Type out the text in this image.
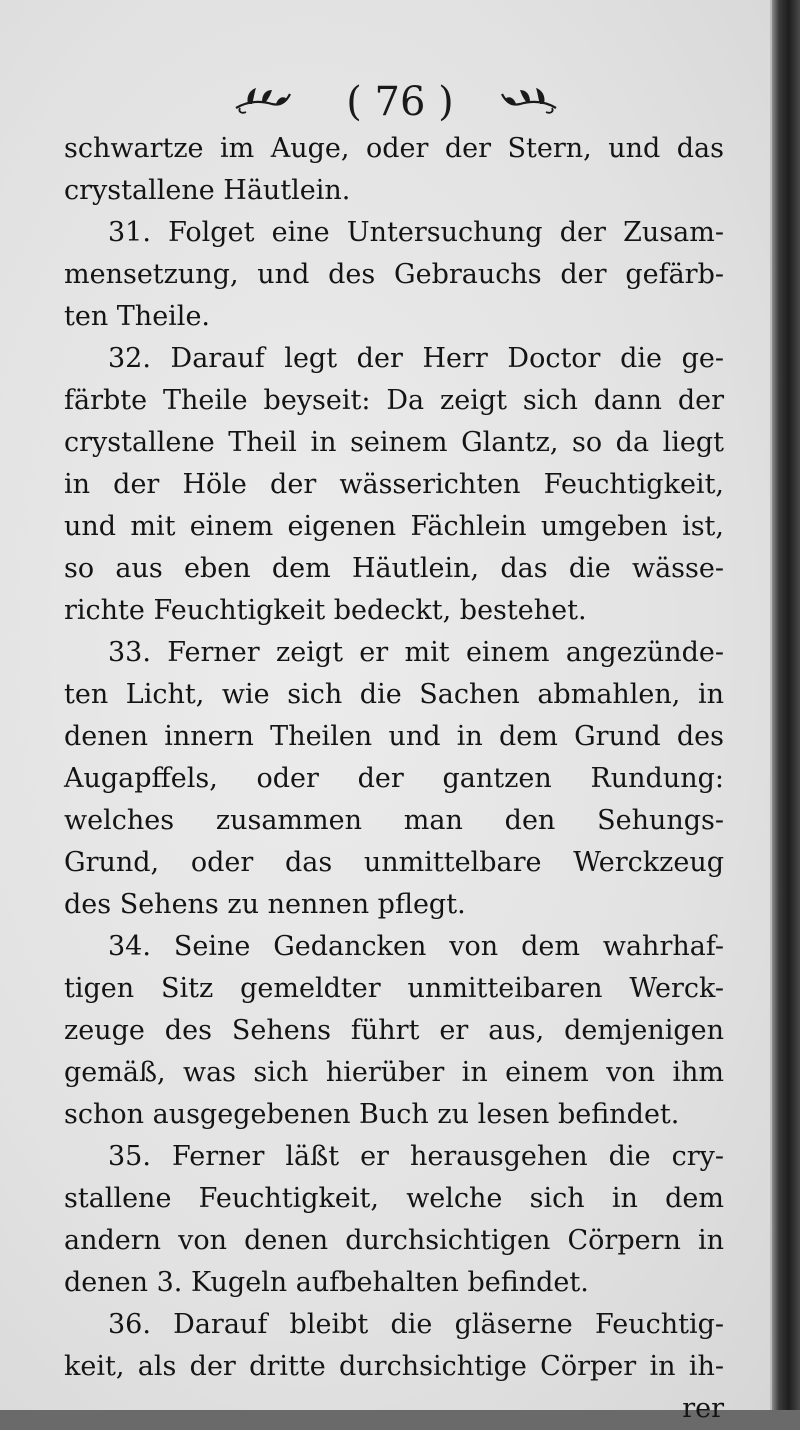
( 76 )
schwartze im Auge, oder der Stern, und das
crystallene Häutlein.
31. Folget eine Untersuchung der Zusam-
mensetzung, und des Gebrauchs der gefärb-
ten Theile.
32. Darauf legt der Herr Doctor die ge-
färbte Theile beyseit: Da zeigt sich dann der
crystallene Theil in seinem Glantz, so da liegt
in der Höle der wässerichten Feuchtigkeit,
und mit einem eigenen Fächlein umgeben ist,
so aus eben dem Häutlein, das die wässe-
richte Feuchtigkeit bedeckt, bestehet.
33. Ferner zeigt er mit einem angezünde-
ten Licht, wie sich die Sachen abmahlen, in
denen innern Theilen und in dem Grund des
Augapffels, oder der gantzen Rundung:
welches zusammen man den Sehungs-
Grund, oder das unmittelbare Werckzeug
des Sehens zu nennen pflegt.
34. Seine Gedancken von dem wahrhaf-
tigen Sitz gemeldter unmitteibaren Werck-
zeuge des Sehens führt er aus, demjenigen
gemäß, was sich hierüber in einem von ihm
schon ausgegebenen Buch zu lesen befindet.
35. Ferner läßt er herausgehen die cry-
stallene Feuchtigkeit, welche sich in dem
andern von denen durchsichtigen Cörpern in
denen 3. Kugeln aufbehalten befindet.
36. Darauf bleibt die gläserne Feuchtig-
keit, als der dritte durchsichtige Cörper in ih-
rer
